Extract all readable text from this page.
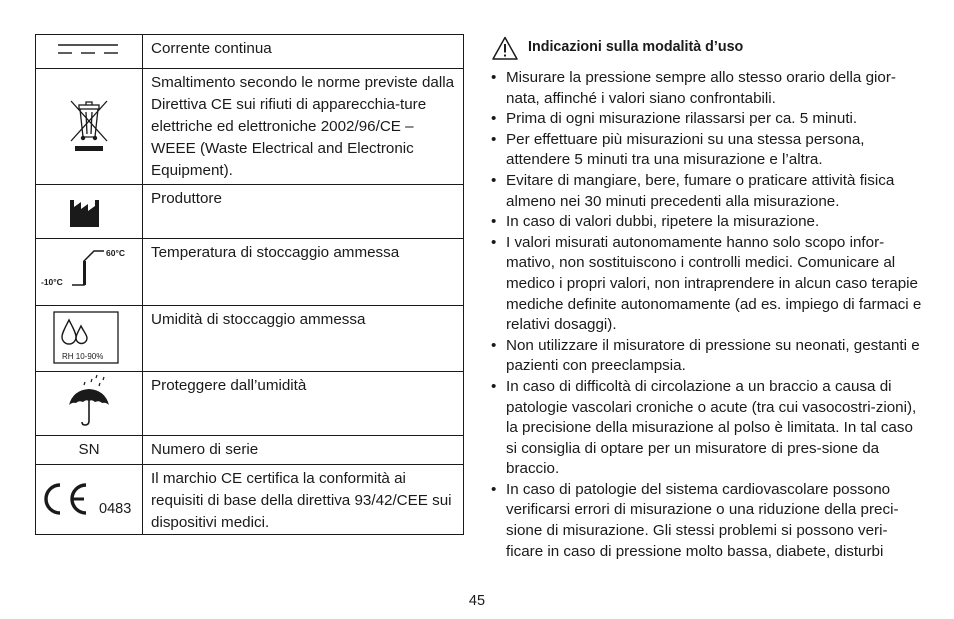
	Corrente continua
	Smaltimento secondo le norme previste dalla Direttiva CE sui rifiuti di apparecchia-ture elettriche ed elettroniche 2002/96/CE – WEEE (Waste Electrical and Electronic Equipment).
	Produttore

60°C
-10°C	Temperatura di stoccaggio ammessa

RH 10-90%	Umidità di stoccaggio ammessa
	Proteggere dall’umidità

SN	Numero di serie

0483	Il marchio CE certifica la conformità ai requisiti di base della direttiva 93/42/CEE sui dispositivi medici.
Indicazioni sulla modalità d’uso
• Misurare la pressione sempre allo stesso orario della gior-nata, affinché i valori siano confrontabili.
• Prima di ogni misurazione rilassarsi per ca. 5 minuti.
• Per effettuare più misurazioni su una stessa persona, attendere 5 minuti tra una misurazione e l’altra.
• Evitare di mangiare, bere, fumare o praticare attività fisica almeno nei 30 minuti precedenti alla misurazione.
• In caso di valori dubbi, ripetere la misurazione.
• I valori misurati autonomamente hanno solo scopo infor-mativo, non sostituiscono i controlli medici. Comunicare al medico i propri valori, non intraprendere in alcun caso terapie mediche definite autonomamente (ad es. impiego di farmaci e relativi dosaggi).
• Non utilizzare il misuratore di pressione su neonati, gestanti e pazienti con preeclampsia.
• In caso di difficoltà di circolazione a un braccio a causa di patologie vascolari croniche o acute (tra cui vasocostri-zioni), la precisione della misurazione al polso è limitata. In tal caso si consiglia di optare per un misuratore di pres-sione da braccio.
• In caso di patologie del sistema cardiovascolare possono verificarsi errori di misurazione o una riduzione della preci-sione di misurazione. Gli stessi problemi si possono veri-ficare in caso di pressione molto bassa, diabete, disturbi
45
